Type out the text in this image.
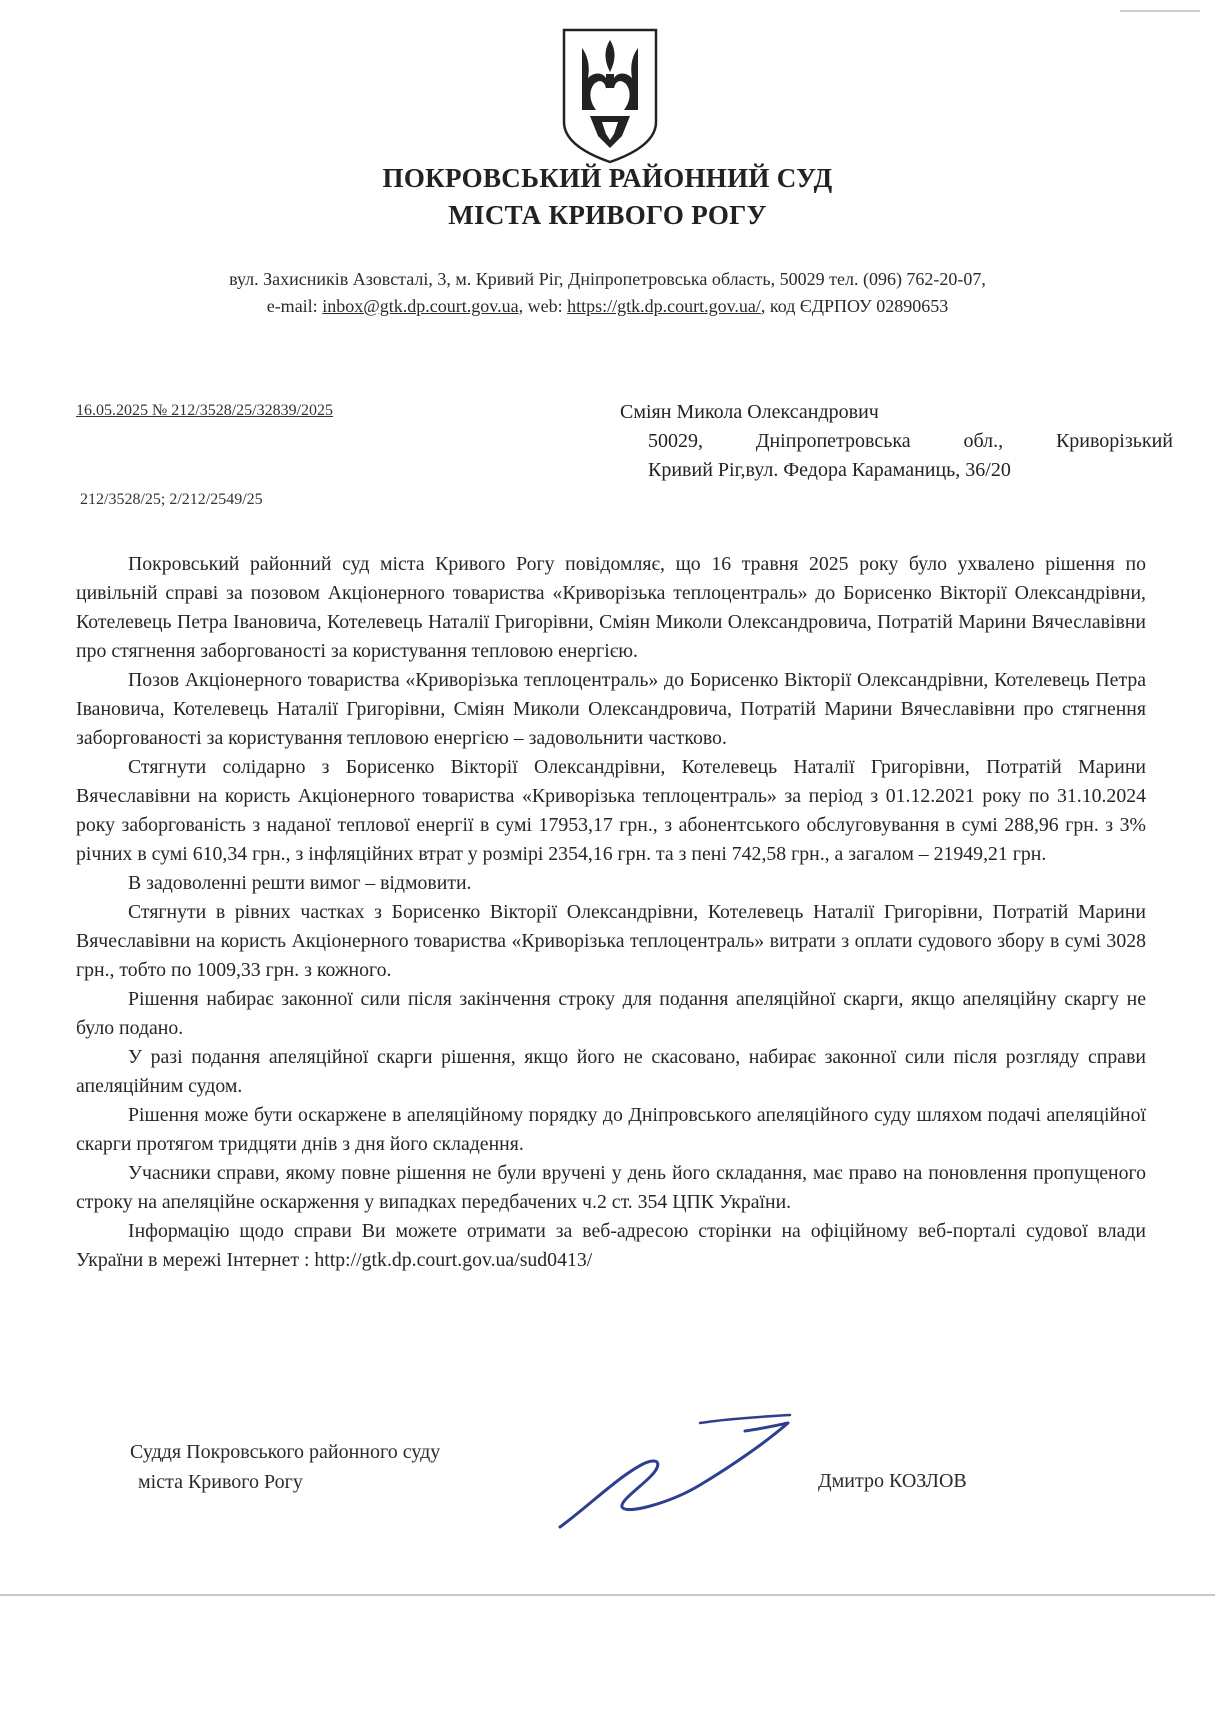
ПОКРОВСЬКИЙ РАЙОННИЙ СУД
МІСТА КРИВОГО РОГУ
вул. Захисників Азовсталі, 3, м. Кривий Ріг, Дніпропетровська область, 50029 тел. (096) 762-20-07,
e-mail: inbox@gtk.dp.court.gov.ua, web: https://gtk.dp.court.gov.ua/, код ЄДРПОУ 02890653
16.05.2025 № 212/3528/25/32839/2025	Сміян Микола Олександрович
50029, Дніпропетровська обл., Криворізький
Кривий Ріг,вул. Федора Караманиць, 36/20
212/3528/25; 2/212/2549/25

Покровський районний суд міста Кривого Рогу повідомляє, що 16 травня 2025 року було ухвалено рішення по цивільній справі за позовом Акціонерного товариства «Криворізька теплоцентраль» до Борисенко Вікторії Олександрівни, Котелевець Петра Івановича, Котелевець Наталії Григорівни, Сміян Миколи Олександровича, Потратій Марини Вячеславівни про стягнення заборгованості за користування тепловою енергією.

Позов Акціонерного товариства «Криворізька теплоцентраль» до Борисенко Вікторії Олександрівни, Котелевець Петра Івановича, Котелевець Наталії Григорівни, Сміян Миколи Олександровича, Потратій Марини Вячеславівни про стягнення заборгованості за користування тепловою енергією – задовольнити частково.

Стягнути солідарно з Борисенко Вікторії Олександрівни, Котелевець Наталії Григорівни, Потратій Марини Вячеславівни на користь Акціонерного товариства «Криворізька теплоцентраль» за період з 01.12.2021 року по 31.10.2024 року заборгованість з наданої теплової енергії в сумі 17953,17 грн., з абонентського обслуговування в сумі 288,96 грн. з 3% річних в сумі 610,34 грн., з інфляційних втрат у розмірі 2354,16 грн. та з пені 742,58 грн., а загалом – 21949,21 грн.

В задоволенні решти вимог – відмовити.

Стягнути в рівних частках з Борисенко Вікторії Олександрівни, Котелевець Наталії Григорівни, Потратій Марини Вячеславівни на користь Акціонерного товариства «Криворізька теплоцентраль» витрати з оплати судового збору в сумі 3028 грн., тобто по 1009,33 грн. з кожного.

Рішення набирає законної сили після закінчення строку для подання апеляційної скарги, якщо апеляційну скаргу не було подано.

У разі подання апеляційної скарги рішення, якщо його не скасовано, набирає законної сили після розгляду справи апеляційним судом.

Рішення може бути оскаржене в апеляційному порядку до Дніпровського апеляційного суду шляхом подачі апеляційної скарги протягом тридцяти днів з дня його складення.

Учасники справи, якому повне рішення не були вручені у день його складання, має право на поновлення пропущеного строку на апеляційне оскарження у випадках передбачених ч.2 ст. 354 ЦПК України.

Інформацію щодо справи Ви можете отримати за веб-адресою сторінки на офіційному веб-порталі судової влади України в мережі Інтернет : http://gtk.dp.court.gov.ua/sud0413/

Суддя Покровського районного суду
міста Кривого Рогу	Дмитро КОЗЛОВ
